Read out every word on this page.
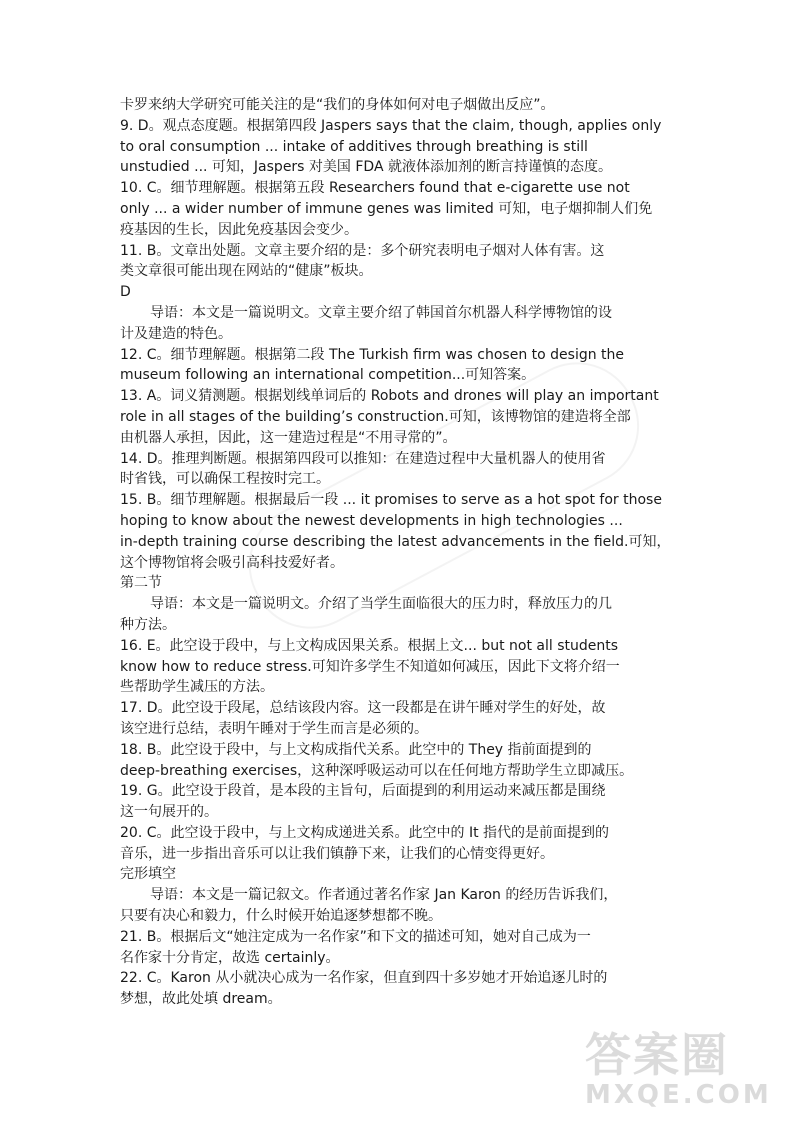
卡罗来纳大学研究可能关注的是“我们的身体如何对电子烟做出反应”。
9. D。观点态度题。根据第四段 Jaspers says that the claim, though, applies only
to oral consumption ... intake of additives through breathing is still
unstudied ... 可知，Jaspers 对美国 FDA 就液体添加剂的断言持谨慎的态度。
10. C。细节理解题。根据第五段 Researchers found that e-cigarette use not
only ... a wider number of immune genes was limited 可知，电子烟抑制人们免
疫基因的生长，因此免疫基因会变少。
11. B。文章出处题。文章主要介绍的是：多个研究表明电子烟对人体有害。这
类文章很可能出现在网站的“健康”板块。
D
导语：本文是一篇说明文。文章主要介绍了韩国首尔机器人科学博物馆的设
计及建造的特色。
12. C。细节理解题。根据第二段 The Turkish firm was chosen to design the
museum following an international competition...可知答案。
13. A。词义猜测题。根据划线单词后的 Robots and drones will play an important
role in all stages of the building’s construction.可知，该博物馆的建造将全部
由机器人承担，因此，这一建造过程是“不用寻常的”。
14. D。推理判断题。根据第四段可以推知：在建造过程中大量机器人的使用省
时省钱，可以确保工程按时完工。
15. B。细节理解题。根据最后一段 ... it promises to serve as a hot spot for those
hoping to know about the newest developments in high technologies ...
in-depth training course describing the latest advancements in the field.可知，
这个博物馆将会吸引高科技爱好者。
第二节
导语：本文是一篇说明文。介绍了当学生面临很大的压力时，释放压力的几
种方法。
16. E。此空设于段中，与上文构成因果关系。根据上文... but not all students
know how to reduce stress.可知许多学生不知道如何减压，因此下文将介绍一
些帮助学生减压的方法。
17. D。此空设于段尾，总结该段内容。这一段都是在讲午睡对学生的好处，故
该空进行总结，表明午睡对于学生而言是必须的。
18. B。此空设于段中，与上文构成指代关系。此空中的 They 指前面提到的
deep-breathing exercises，这种深呼吸运动可以在任何地方帮助学生立即减压。
19. G。此空设于段首，是本段的主旨句，后面提到的利用运动来减压都是围绕
这一句展开的。
20. C。此空设于段中，与上文构成递进关系。此空中的 It 指代的是前面提到的
音乐，进一步指出音乐可以让我们镇静下来，让我们的心情变得更好。
完形填空
导语：本文是一篇记叙文。作者通过著名作家 Jan Karon 的经历告诉我们，
只要有决心和毅力，什么时候开始追逐梦想都不晚。
21. B。根据后文“她注定成为一名作家”和下文的描述可知，她对自己成为一
名作家十分肯定，故选 certainly。
22. C。Karon 从小就决心成为一名作家，但直到四十多岁她才开始追逐儿时的
梦想，故此处填 dream。
答案圈
MXQE.COM
